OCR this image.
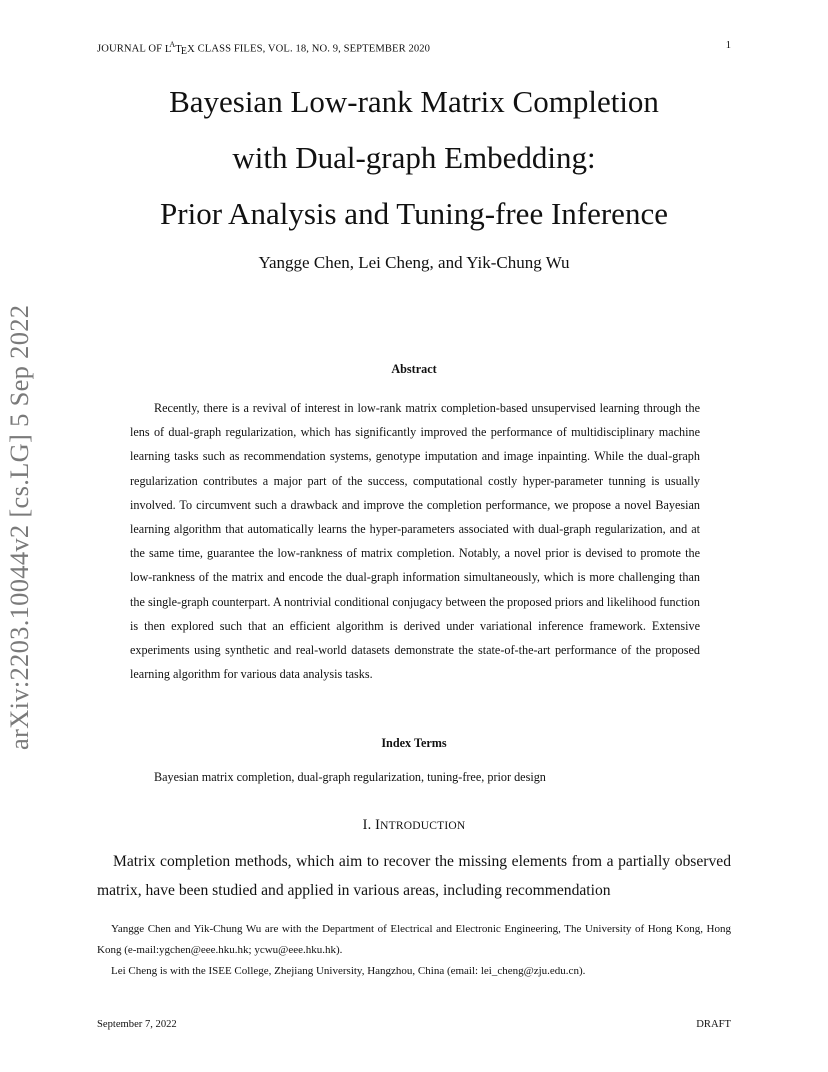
JOURNAL OF $L^AT_EX$ CLASS FILES, VOL. 18, NO. 9, SEPTEMBER 2020	1
Bayesian Low-rank Matrix Completion
with Dual-graph Embedding:
Prior Analysis and Tuning-free Inference
Yangge Chen, Lei Cheng, and Yik-Chung Wu
arXiv:2203.10044v2 [cs.LG] 5 Sep 2022	Abstract
Recently, there is a revival of interest in low-rank matrix completion-based unsupervised learning through the lens of dual-graph regularization, which has significantly improved the performance of multidisciplinary machine learning tasks such as recommendation systems, genotype imputation and image inpainting. While the dual-graph regularization contributes a major part of the success, computational costly hyper-parameter tunning is usually involved. To circumvent such a drawback and improve the completion performance, we propose a novel Bayesian learning algorithm that automatically learns the hyper-parameters associated with dual-graph regularization, and at the same time, guarantee the low-rankness of matrix completion. Notably, a novel prior is devised to promote the low-rankness of the matrix and encode the dual-graph information simultaneously, which is more challenging than the single-graph counterpart. A nontrivial conditional conjugacy between the proposed priors and likelihood function is then explored such that an efficient algorithm is derived under variational inference framework. Extensive experiments using synthetic and real-world datasets demonstrate the state-of-the-art performance of the proposed learning algorithm for various data analysis tasks.
Index Terms
Bayesian matrix completion, dual-graph regularization, tuning-free, prior design
I. INTRODUCTION
Matrix completion methods, which aim to recover the missing elements from a partially observed matrix, have been studied and applied in various areas, including recommendation
Yangge Chen and Yik-Chung Wu are with the Department of Electrical and Electronic Engineering, The University of Hong Kong, Hong Kong (e-mail:ygchen@eee.hku.hk; ycwu@eee.hku.hk).
Lei Cheng is with the ISEE College, Zhejiang University, Hangzhou, China (email: lei_cheng@zju.edu.cn).
September 7, 2022	DRAFT
